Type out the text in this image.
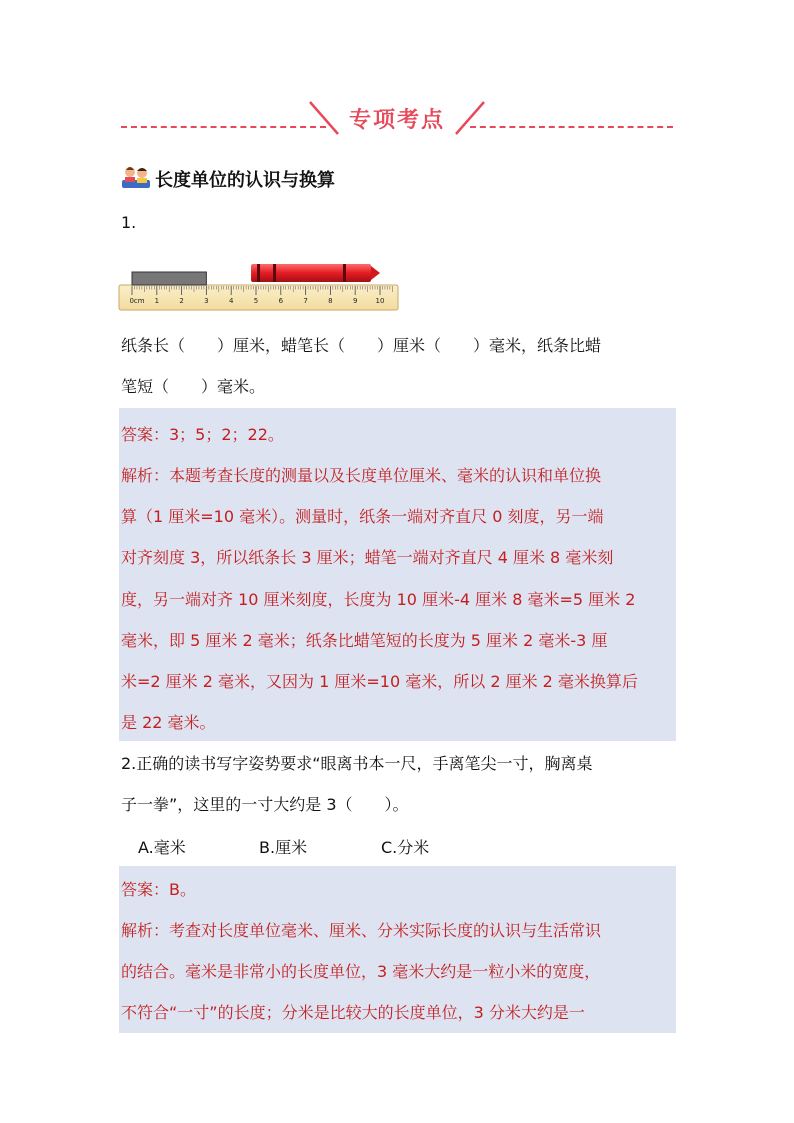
专项考点
长度单位的认识与换算
1.
0cm 1	2	3	4	5	6	7	8	9	10
纸条长（　　）厘米，蜡笔长（　　）厘米（　　）毫米，纸条比蜡
笔短（　　）毫米。
答案：3；5；2；22。
解析：本题考查长度的测量以及长度单位厘米、毫米的认识和单位换
算（1 厘米=10 毫米）。测量时，纸条一端对齐直尺 0 刻度，另一端
对齐刻度 3，所以纸条长 3 厘米；蜡笔一端对齐直尺 4 厘米 8 毫米刻
度，另一端对齐 10 厘米刻度，长度为 10 厘米-4 厘米 8 毫米=5 厘米 2
毫米，即 5 厘米 2 毫米；纸条比蜡笔短的长度为 5 厘米 2 毫米-3 厘
米=2 厘米 2 毫米，又因为 1 厘米=10 毫米，所以 2 厘米 2 毫米换算后
是 22 毫米。
2.正确的读书写字姿势要求“眼离书本一尺，手离笔尖一寸，胸离桌
子一拳”，这里的一寸大约是 3（　　）。
A.毫米	B.厘米	C.分米
答案：B。
解析：考查对长度单位毫米、厘米、分米实际长度的认识与生活常识
的结合。毫米是非常小的长度单位，3 毫米大约是一粒小米的宽度，
不符合“一寸”的长度；分米是比较大的长度单位，3 分米大约是一
